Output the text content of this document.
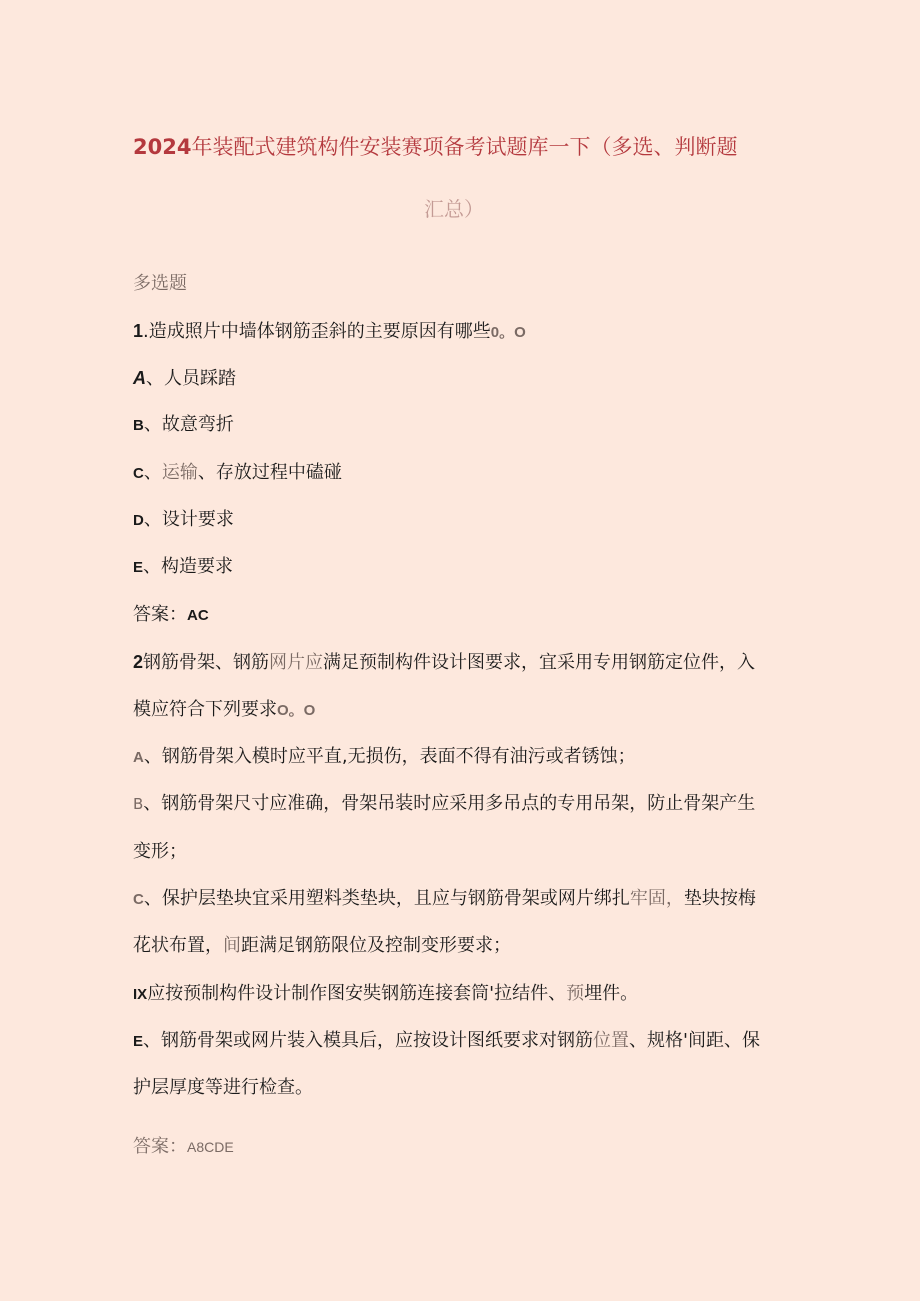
2024年装配式建筑构件安装赛项备考试题库一下（多选、判断题
汇总）
多选题
1.造成照片中墙体钢筋歪斜的主要原因有哪些0。O
A、人员踩踏
B、故意弯折
C、运输、存放过程中磕碰
D、设计要求
E、构造要求
答案：AC
2钢筋骨架、钢筋网片应满足预制构件设计图要求，宜采用专用钢筋定位件，入
模应符合下列要求O。O
A、钢筋骨架入模时应平直,无损伤，表面不得有油污或者锈蚀；
B、钢筋骨架尺寸应准确，骨架吊装时应采用多吊点的专用吊架，防止骨架产生
变形；
C、保护层垫块宜采用塑料类垫块，且应与钢筋骨架或网片绑扎牢固，垫块按梅
花状布置，间距满足钢筋限位及控制变形要求；
IX应按预制构件设计制作图安奘钢筋连接套筒'拉结件、预埋件。
E、钢筋骨架或网片装入模具后，应按设计图纸要求对钢筋位置、规格'间距、保
护层厚度等进行检查。
答案：A8CDE
